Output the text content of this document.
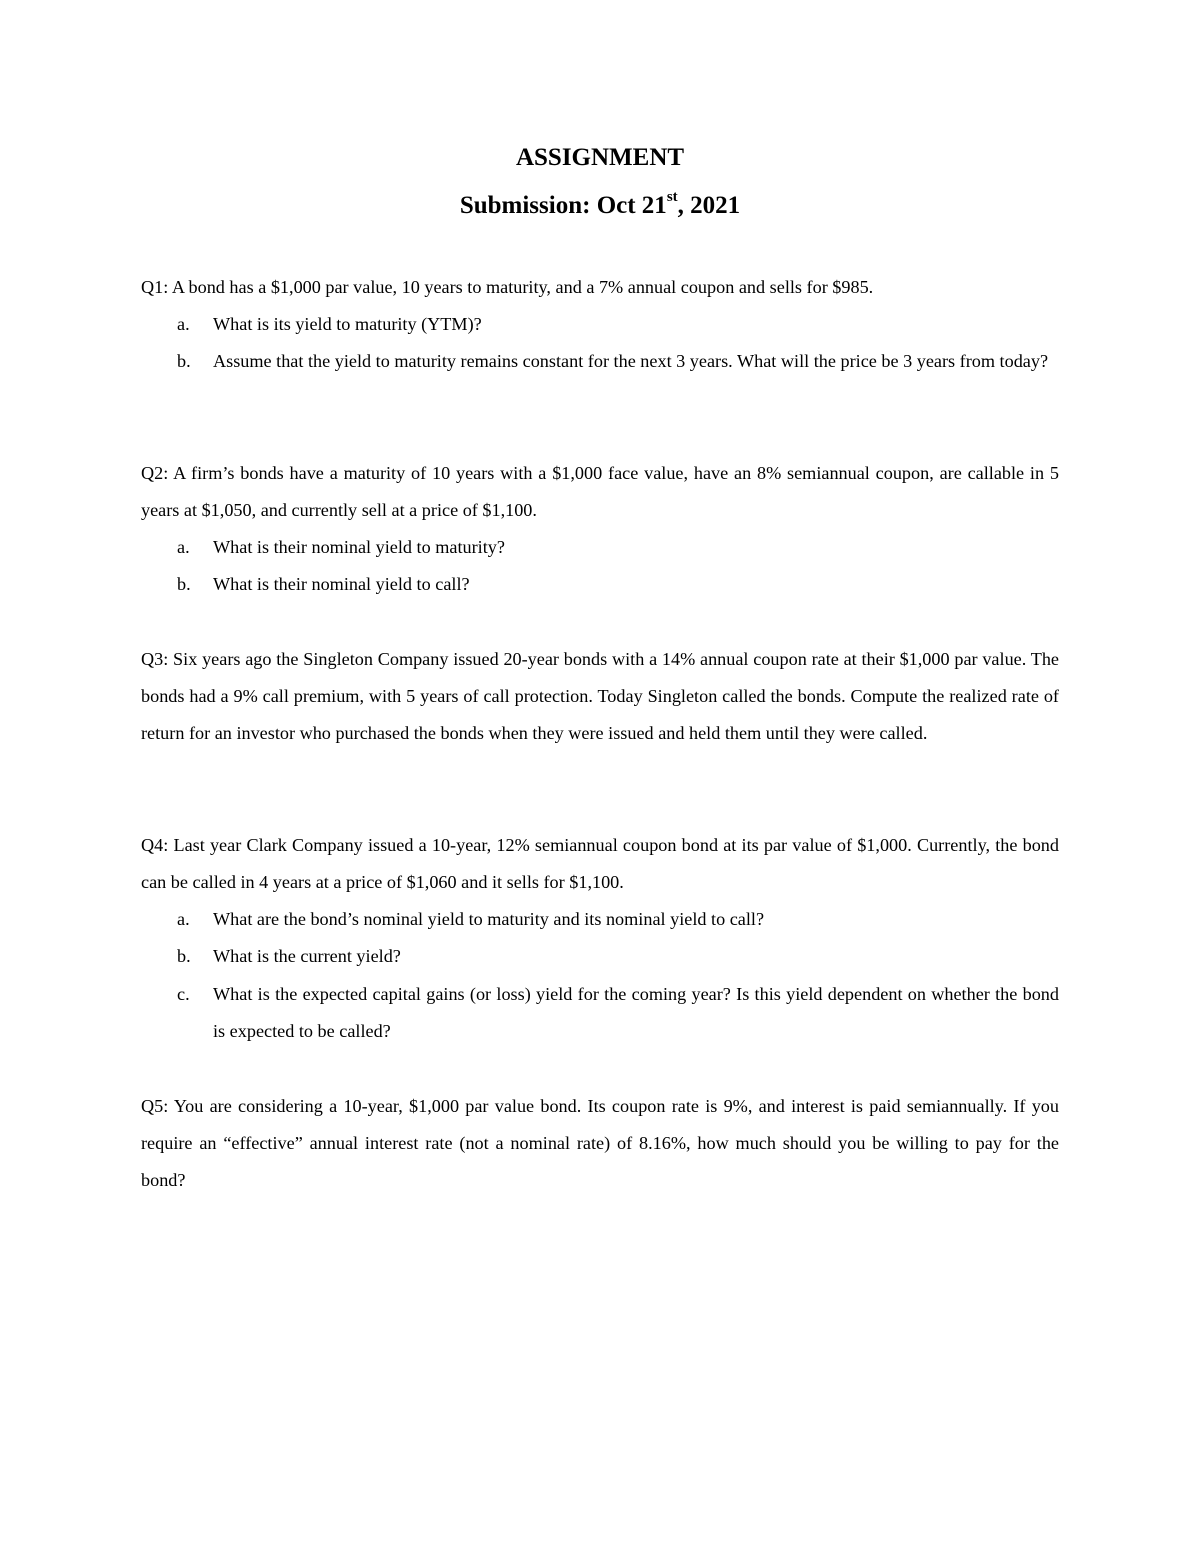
ASSIGNMENT
Submission: Oct 21st, 2021

Q1: A bond has a $1,000 par value, 10 years to maturity, and a 7% annual coupon and sells for $985.

a.	What is its yield to maturity (YTM)?
b.	Assume that the yield to maturity remains constant for the next 3 years. What will the price be 3 years from today?

Q2: A firm’s bonds have a maturity of 10 years with a $1,000 face value, have an 8% semiannual coupon, are callable in 5 years at $1,050, and currently sell at a price of $1,100.

a.	What is their nominal yield to maturity?
b.	What is their nominal yield to call?

Q3: Six years ago the Singleton Company issued 20-year bonds with a 14% annual coupon rate at their $1,000 par value. The bonds had a 9% call premium, with 5 years of call protection. Today Singleton called the bonds. Compute the realized rate of return for an investor who purchased the bonds when they were issued and held them until they were called.

Q4: Last year Clark Company issued a 10-year, 12% semiannual coupon bond at its par value of $1,000. Currently, the bond can be called in 4 years at a price of $1,060 and it sells for $1,100.

a.	What are the bond’s nominal yield to maturity and its nominal yield to call?
b.	What is the current yield?
c.	What is the expected capital gains (or loss) yield for the coming year? Is this yield dependent on whether the bond is expected to be called?

Q5: You are considering a 10-year, $1,000 par value bond. Its coupon rate is 9%, and interest is paid semiannually. If you require an “effective” annual interest rate (not a nominal rate) of 8.16%, how much should you be willing to pay for the bond?
